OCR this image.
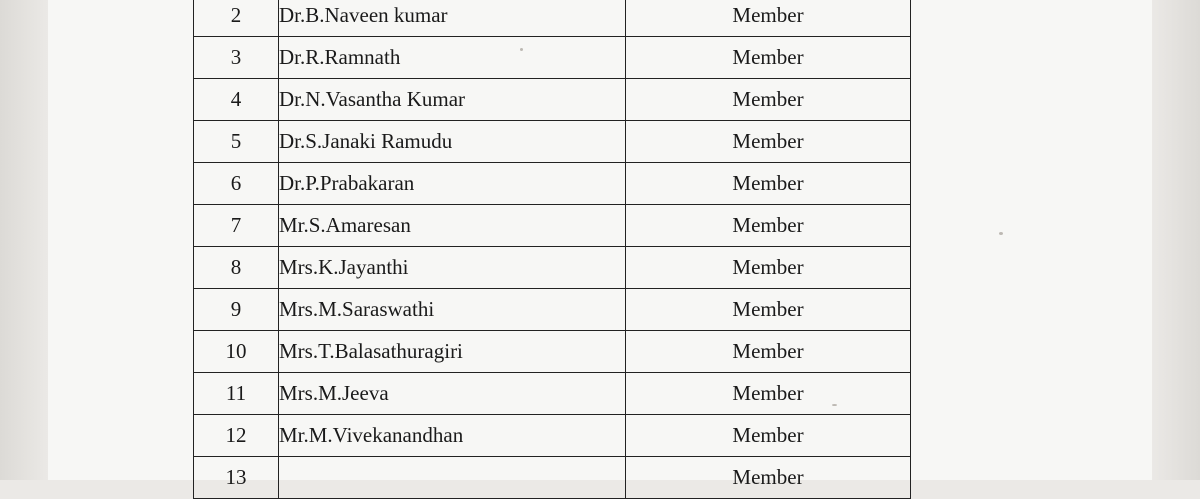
2	Dr.B.Naveen kumar	Member
3	Dr.R.Ramnath	Member
4	Dr.N.Vasantha Kumar	Member
5	Dr.S.Janaki Ramudu	Member
6	Dr.P.Prabakaran	Member
7	Mr.S.Amaresan	Member
8	Mrs.K.Jayanthi	Member
9	Mrs.M.Saraswathi	Member
10	Mrs.T.Balasathuragiri	Member
11	Mrs.M.Jeeva	Member
12	Mr.M.Vivekanandhan	Member
13		Member
